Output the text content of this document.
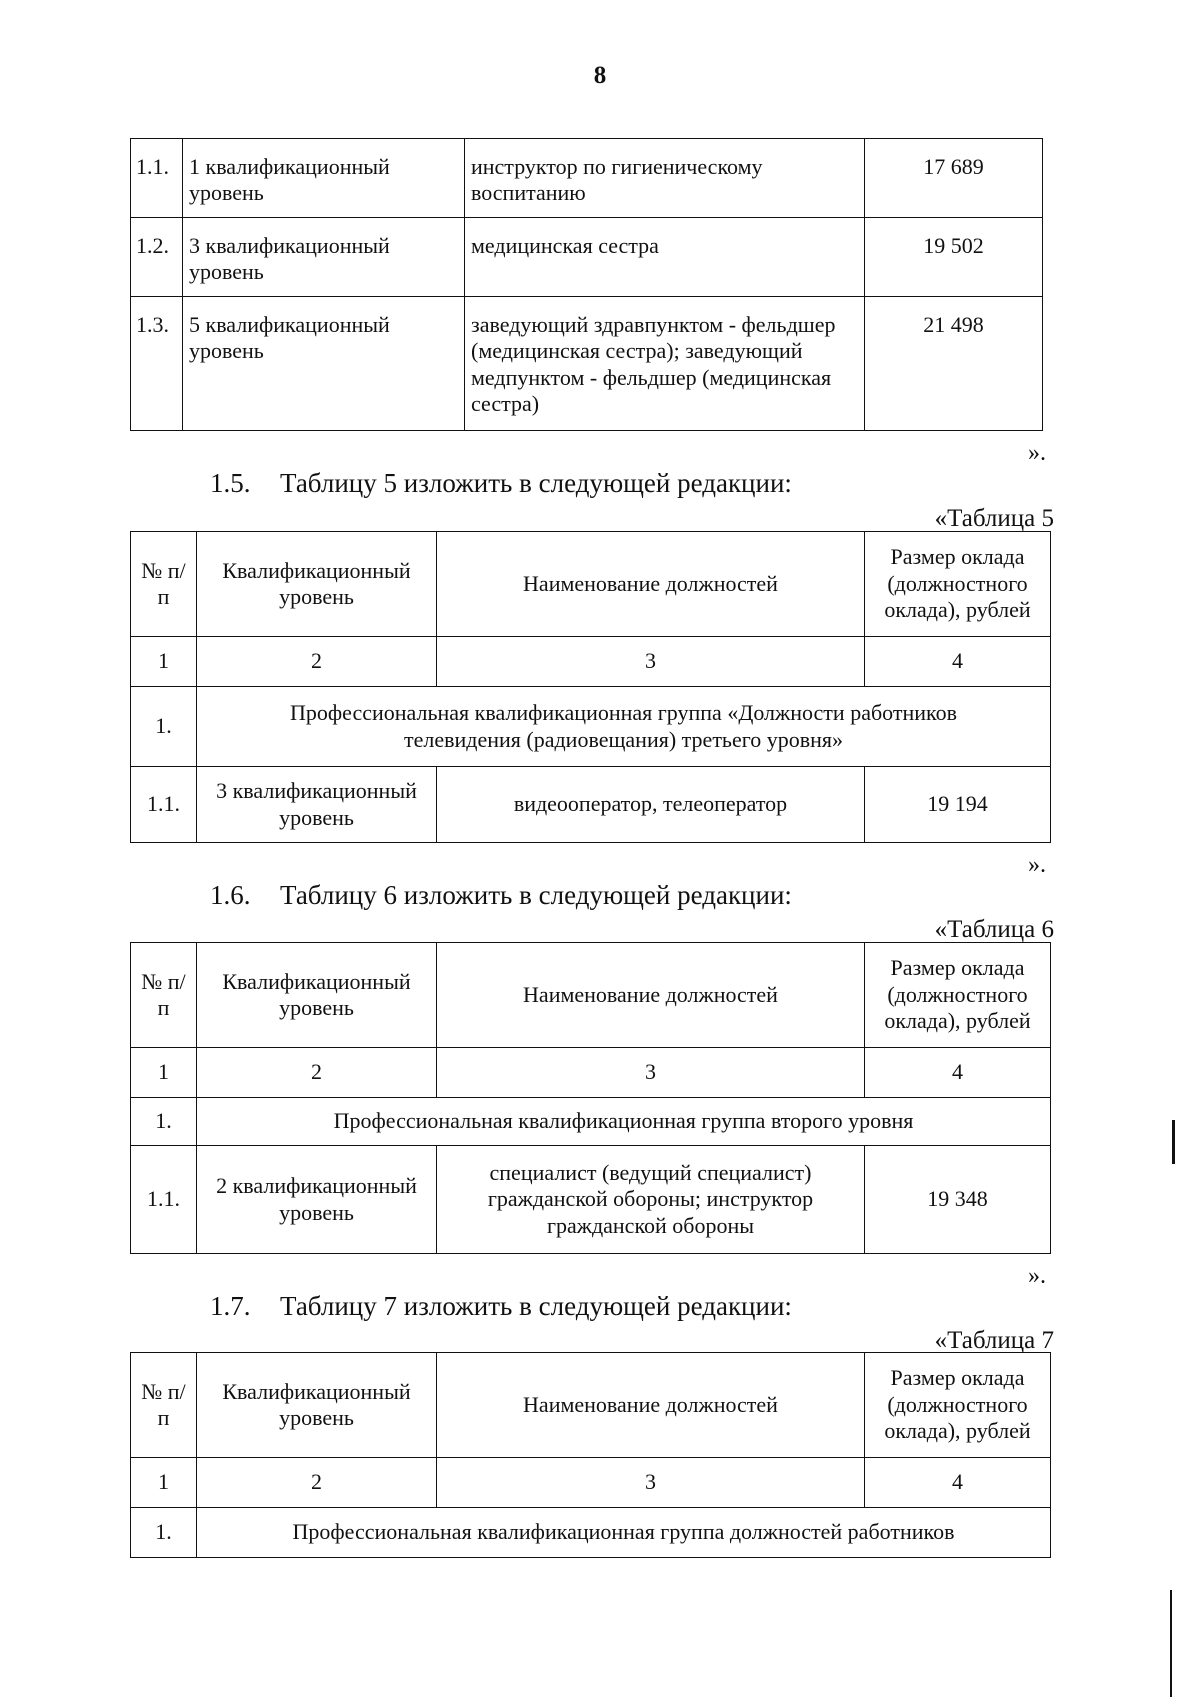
8
1.1.	1 квалификационный уровень	инструктор по гигиеническому воспитанию	17 689
1.2.	3 квалификационный уровень	медицинская сестра	19 502
1.3.	5 квалификационный уровень	заведующий здравпунктом - фельдшер (медицинская сестра); заведующий медпунктом - фельдшер (медицинская сестра)	21 498
».
1.5. Таблицу 5 изложить в следующей редакции:
«Таблица 5
№ п/п	Квалификационный уровень	Наименование должностей	Размер оклада (должностного оклада), рублей
1	2	3	4
1.	Профессиональная квалификационная группа «Должности работников телевидения (радиовещания) третьего уровня»		
1.1.	3 квалификационный уровень	видеооператор, телеоператор	19 194
».
1.6. Таблицу 6 изложить в следующей редакции:
«Таблица 6
№ п/п	Квалификационный уровень	Наименование должностей	Размер оклада (должностного оклада), рублей
1	2	3	4
1.	Профессиональная квалификационная группа второго уровня		
1.1.	2 квалификационный уровень	специалист (ведущий специалист) гражданской обороны; инструктор гражданской обороны	19 348
».
1.7. Таблицу 7 изложить в следующей редакции:
«Таблица 7
№ п/п	Квалификационный уровень	Наименование должностей	Размер оклада (должностного оклада), рублей
1	2	3	4
1.	Профессиональная квалификационная группа должностей работников		
